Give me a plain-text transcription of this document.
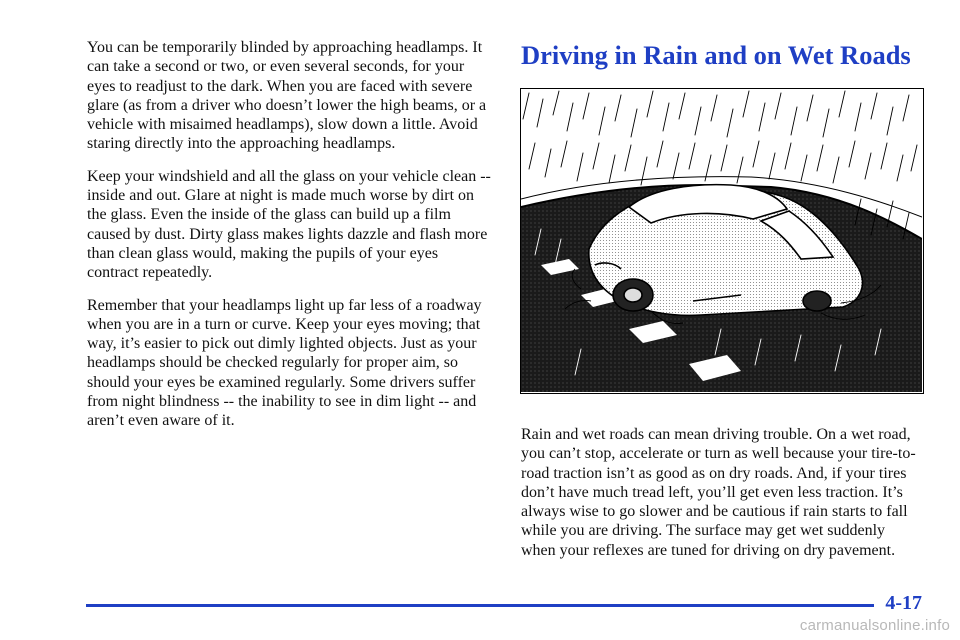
You can be temporarily blinded by approaching headlamps. It can take a second or two, or even several seconds, for your eyes to readjust to the dark. When you are faced with severe glare (as from a driver who doesn’t lower the high beams, or a vehicle with misaimed headlamps), slow down a little. Avoid staring directly into the approaching headlamps.

Keep your windshield and all the glass on your vehicle clean -- inside and out. Glare at night is made much worse by dirt on the glass. Even the inside of the glass can build up a film caused by dust. Dirty glass makes lights dazzle and flash more than clean glass would, making the pupils of your eyes contract repeatedly.

Remember that your headlamps light up far less of a roadway when you are in a turn or curve. Keep your eyes moving; that way, it’s easier to pick out dimly lighted objects. Just as your headlamps should be checked regularly for proper aim, so should your eyes be examined regularly. Some drivers suffer from night blindness -- the inability to see in dim light -- and aren’t even aware of it.

Driving in Rain and on Wet Roads

Rain and wet roads can mean driving trouble. On a wet road, you can’t stop, accelerate or turn as well because your tire-to-road traction isn’t as good as on dry roads. And, if your tires don’t have much tread left, you’ll get even less traction. It’s always wise to go slower and be cautious if rain starts to fall while you are driving. The surface may get wet suddenly when your reflexes are tuned for driving on dry pavement.

4-17
carmanualsonline.info
